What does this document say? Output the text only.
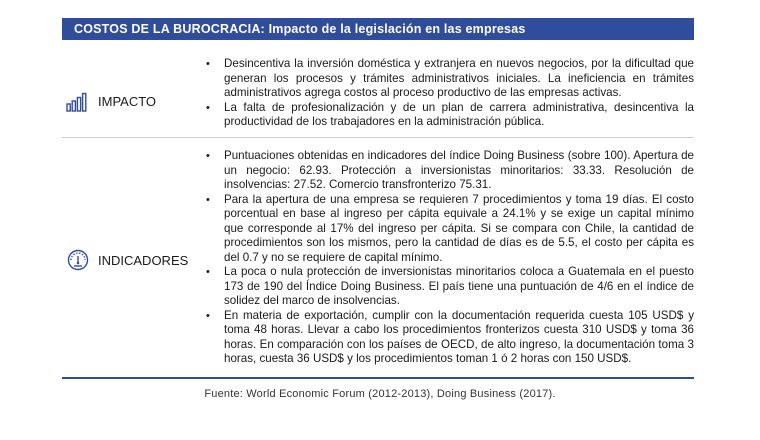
COSTOS DE LA BUROCRACIA: Impacto de la legislación en las empresas
IMPACTO
• Desincentiva la inversión doméstica y extranjera en nuevos negocios, por la dificultad que generan los procesos y trámites administrativos iniciales. La ineficiencia en trámites administrativos agrega costos al proceso productivo de las empresas activas.
• La falta de profesionalización y de un plan de carrera administrativa, desincentiva la productividad de los trabajadores en la administración pública.
INDICADORES
• Puntuaciones obtenidas en indicadores del índice Doing Business (sobre 100). Apertura de un negocio: 62.93. Protección a inversionistas minoritarios: 33.33. Resolución de insolvencias: 27.52. Comercio transfronterizo 75.31.
• Para la apertura de una empresa se requieren 7 procedimientos y toma 19 días. El costo porcentual en base al ingreso per cápita equivale a 24.1% y se exige un capital mínimo que corresponde al 17% del ingreso per cápita. Si se compara con Chile, la cantidad de procedimientos son los mismos, pero la cantidad de días es de 5.5, el costo per cápita es del 0.7 y no se requiere de capital mínimo.
• La poca o nula protección de inversionistas minoritarios coloca a Guatemala en el puesto 173 de 190 del Índice Doing Business. El país tiene una puntuación de 4/6 en el índice de solidez del marco de insolvencias.
• En materia de exportación, cumplir con la documentación requerida cuesta 105 USD$ y toma 48 horas. Llevar a cabo los procedimientos fronterizos cuesta 310 USD$ y toma 36 horas. En comparación con los países de OECD, de alto ingreso, la documentación toma 3 horas, cuesta 36 USD$ y los procedimientos toman 1 ó 2 horas con 150 USD$.
Fuente: World Economic Forum (2012-2013), Doing Business (2017).
